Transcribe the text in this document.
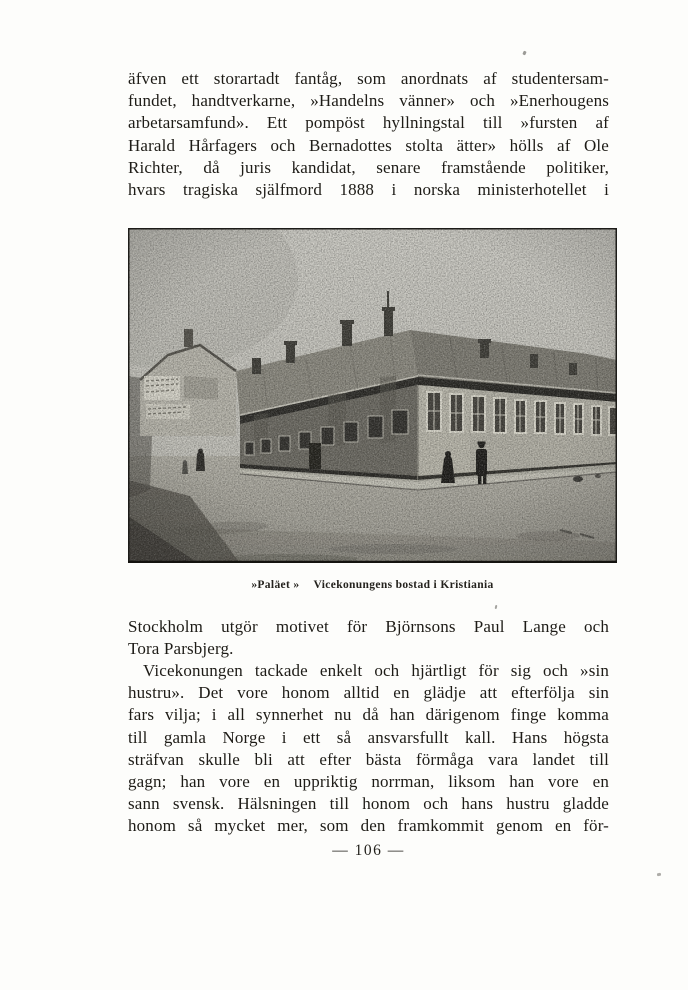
äfven ett storartadt fantåg, som anordnats af studentersam-
fundet, handtverkarne, »Handelns vänner» och »Enerhougens
arbetarsamfund». Ett pompöst hyllningstal till »fursten af
Harald Hårfagers och Bernadottes stolta ätter» hölls af Ole
Richter, då juris kandidat, senare framstående politiker,
hvars tragiska själfmord 1888 i norska ministerhotellet i
»Paläet » Vicekonungens bostad i Kristiania
Stockholm utgör motivet för Björnsons Paul Lange och
Tora Parsbjerg.
Vicekonungen tackade enkelt och hjärtligt för sig och »sin
hustru». Det vore honom alltid en glädje att efterfölja sin
fars vilja; i all synnerhet nu då han därigenom finge komma
till gamla Norge i ett så ansvarsfullt kall. Hans högsta
sträfvan skulle bli att efter bästa förmåga vara landet till
gagn; han vore en uppriktig norrman, liksom han vore en
sann svensk. Hälsningen till honom och hans hustru gladde
honom så mycket mer, som den framkommit genom en för-
— 106 —
